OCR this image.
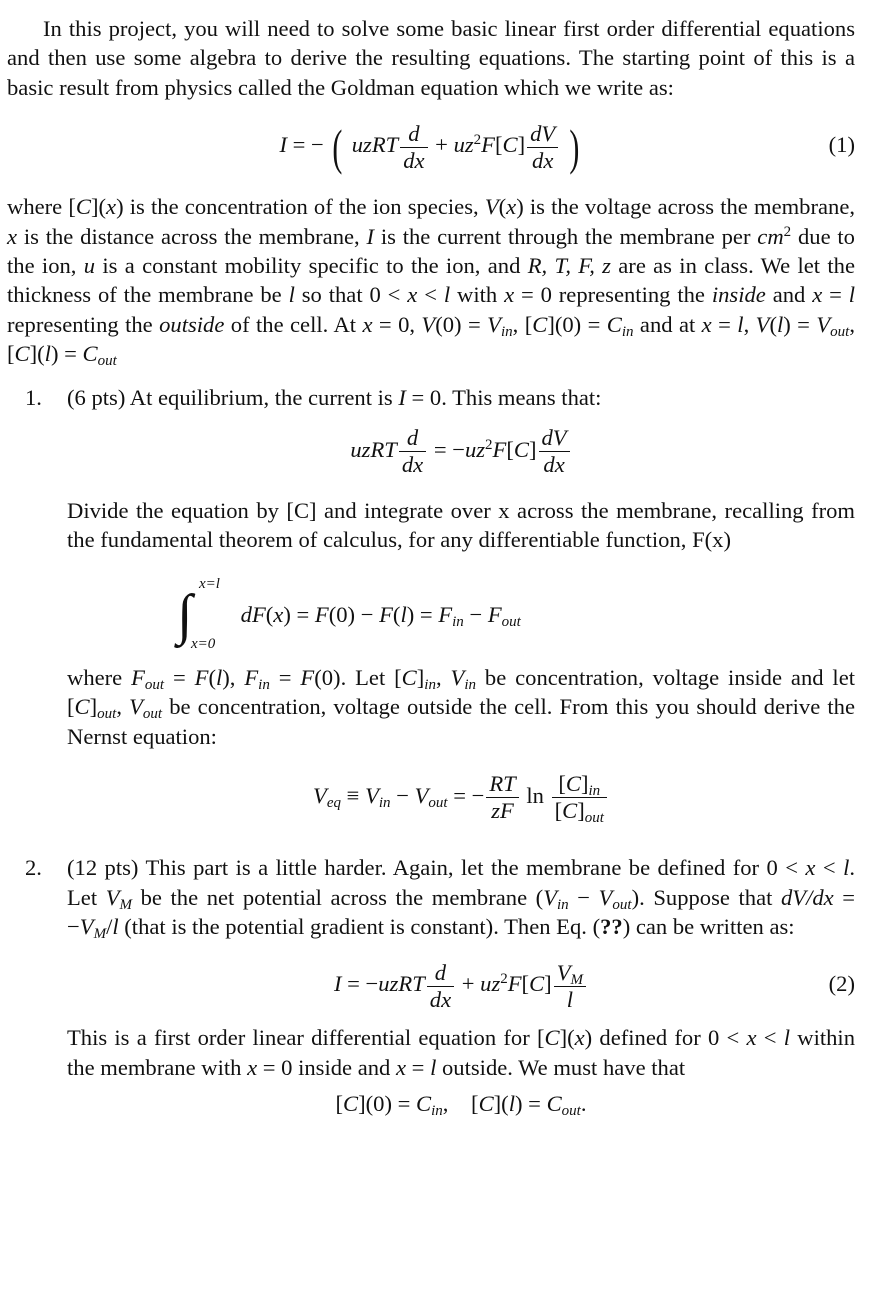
In this project, you will need to solve some basic linear first order differential equations and then use some algebra to derive the resulting equations. The starting point of this is a basic result from physics called the Goldman equation which we write as:

I = − ( uzRT $\frac{d}{dx} + uz^2F[C] \frac{dV}{dx}$ )	(1)

where [C](x) is the concentration of the ion species, V(x) is the voltage across the membrane, x is the distance across the membrane, I is the current through the membrane per $cm^2$ due to the ion, u is a constant mobility specific to the ion, and R, T, F, z are as in class. We let the thickness of the membrane be l so that 0 < x < l with x = 0 representing the inside and x = l representing the outside of the cell. At x = 0, $V(0) = V_{in}$, $[C](0) = C_{in}$ and at x = l, $V(l) = V_{out}$, $[C](l) = C_{out}$

1. (6 pts) At equilibrium, the current is I = 0. This means that:

uzRT $\frac{d}{dx} = -uz^2F[C] \frac{dV}{dx}$

Divide the equation by [C] and integrate over x across the membrane, recalling from the fundamental theorem of calculus, for any differentiable function, F(x)

∫ x=l
x=0
$dF(x) = F(0) - F(l) = F_{in} - F_{out}$

where $F_{out} = F(l)$, $F_{in} = F(0)$. Let $[C]_{in}$, $V_{in}$ be concentration, voltage inside and let $[C]_{out}$, $V_{out}$ be concentration, voltage outside the cell. From this you should derive the Nernst equation:

$V_{eq} \equiv V_{in} - V_{out}$ = − $\frac{RT}{zF}$ $\ln \frac{[C]_{in}}{[C]_{out}}$
2. (12 pts) This part is a little harder. Again, let the membrane be defined for 0 < x < l. Let $V_M$ be the net potential across the membrane $(V_{in} - V_{out})$. Suppose that $dV/dx = -V_M/l$ (that is the potential gradient is constant). Then Eq. (??) can be written as:

I = −uzRT $\frac{d}{dx} + uz^2F[C] \frac{V_M}{l}$	(2)

This is a first order linear differential equation for [C](x) defined for 0 < x < l within the membrane with x = 0 inside and x = l outside. We must have that

$[C](0) = C_{in}$,    $[C](l) = C_{out}$.
